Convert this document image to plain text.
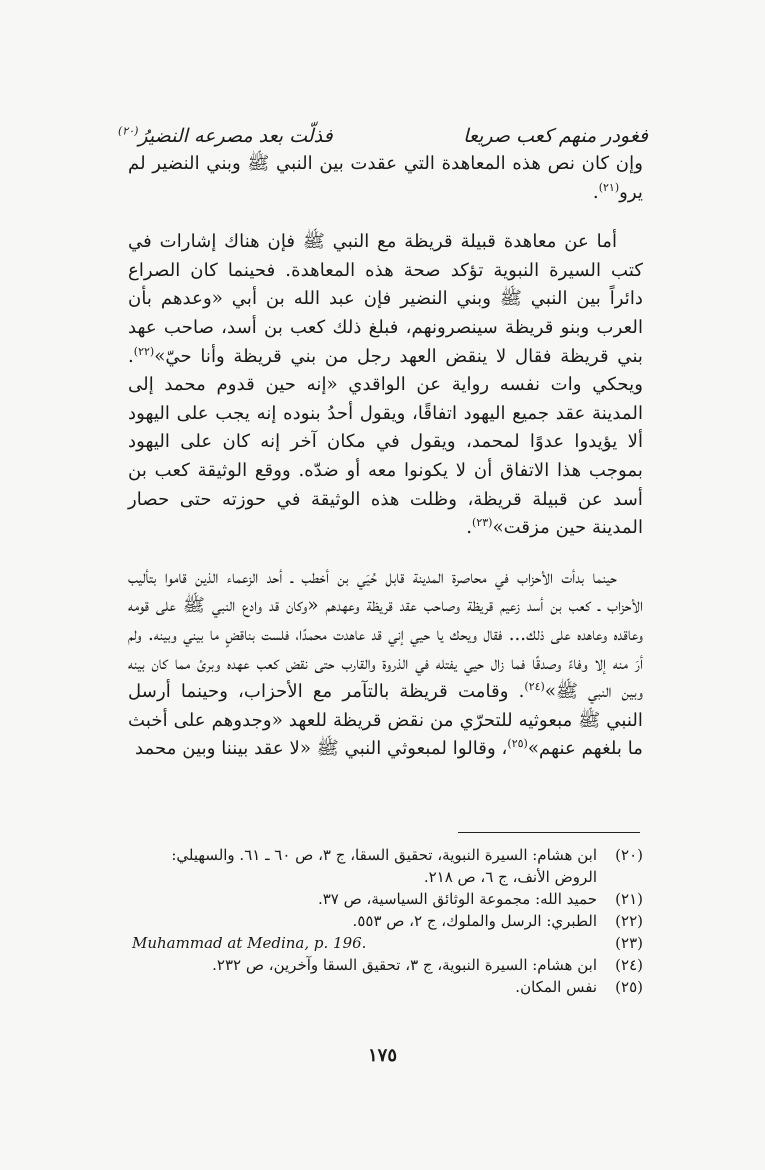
فغودر منهم كعب صريعا
فذلّت بعد مصرعه النضيرُ$^{(٢٠)}$

وإن كان نص هذه المعاهدة التي عقدت بين النبي ﷺ وبني النضير لم يرو$^{(٢١)}$.

أما عن معاهدة قبيلة قريظة مع النبي ﷺ فإن هناك إشارات في كتب السيرة النبوية تؤكد صحة هذه المعاهدة. فحينما كان الصراع دائراً بين النبي ﷺ وبني النضير فإن عبد الله بن أبي «وعدهم بأن العرب وبنو قريظة سينصرونهم، فبلغ ذلك كعب بن أسد، صاحب عهد بني قريظة فقال لا ينقض العهد رجل من بني قريظة وأنا حيّ»$^{(٢٢)}$. ويحكي وات نفسه رواية عن الواقدي «إنه حين قدوم محمد إلى المدينة عقد جميع اليهود اتفاقًا، ويقول أحدُ بنوده إنه يجب على اليهود ألا يؤيدوا عدوًا لمحمد، ويقول في مكان آخر إنه كان على اليهود بموجب هذا الاتفاق أن لا يكونوا معه أو ضدّه. ووقع الوثيقة كعب بن أسد عن قبيلة قريظة، وظلت هذه الوثيقة في حوزته حتى حصار المدينة حين مزقت»$^{(٢٣)}$.

حينما بدأت الأحزاب في محاصرة المدينة قابل حُيَي بن أخطب ـ أحد الزعماء الذين قاموا بتأليب الأحزاب ـ كعب بن أسد زعيم قريظة وصاحب عقد قريظة وعهدهم «وكان قد وادع النبي ﷺ على قومه وعاقده وعاهده على ذلك... فقال ويحك يا حيي إني قد عاهدت محمدًا، فلست بناقضٍ ما بيني وبينه. ولم أرَ منه إلا وفاءً وصدقًا فما زال حيي يفتله في الذروة والقارب حتى نقض كعب عهده وبرئ مما كان بينه وبين النبي ﷺ»$^{(٢٤)}$. وقامت قريظة بالتآمر مع الأحزاب، وحينما أرسل النبي ﷺ مبعوثيه للتحرّي من نقض قريظة للعهد «وجدوهم على أخبث ما بلغهم عنهم»$^{(٢٥)}$، وقالوا لمبعوثي النبي ﷺ «لا عقد بيننا وبين محمد

(٢٠)
ابن هشام: السيرة النبوية، تحقيق السقا، ج ٣، ص ٦٠ ـ ٦١. والسهيلي: الروض الأنف، ج ٦، ص ٢١٨.
(٢١)
حميد الله: مجموعة الوثائق السياسية، ص ٣٧.
(٢٢)
الطبري: الرسل والملوك، ج ٢، ص ٥٥٣.
(٢٣)
Muhammad at Medina, p. 196.
(٢٤)
ابن هشام: السيرة النبوية، ج ٣، تحقيق السقا وآخرين، ص ٢٣٢.
(٢٥)
نفس المكان.
١٧٥
